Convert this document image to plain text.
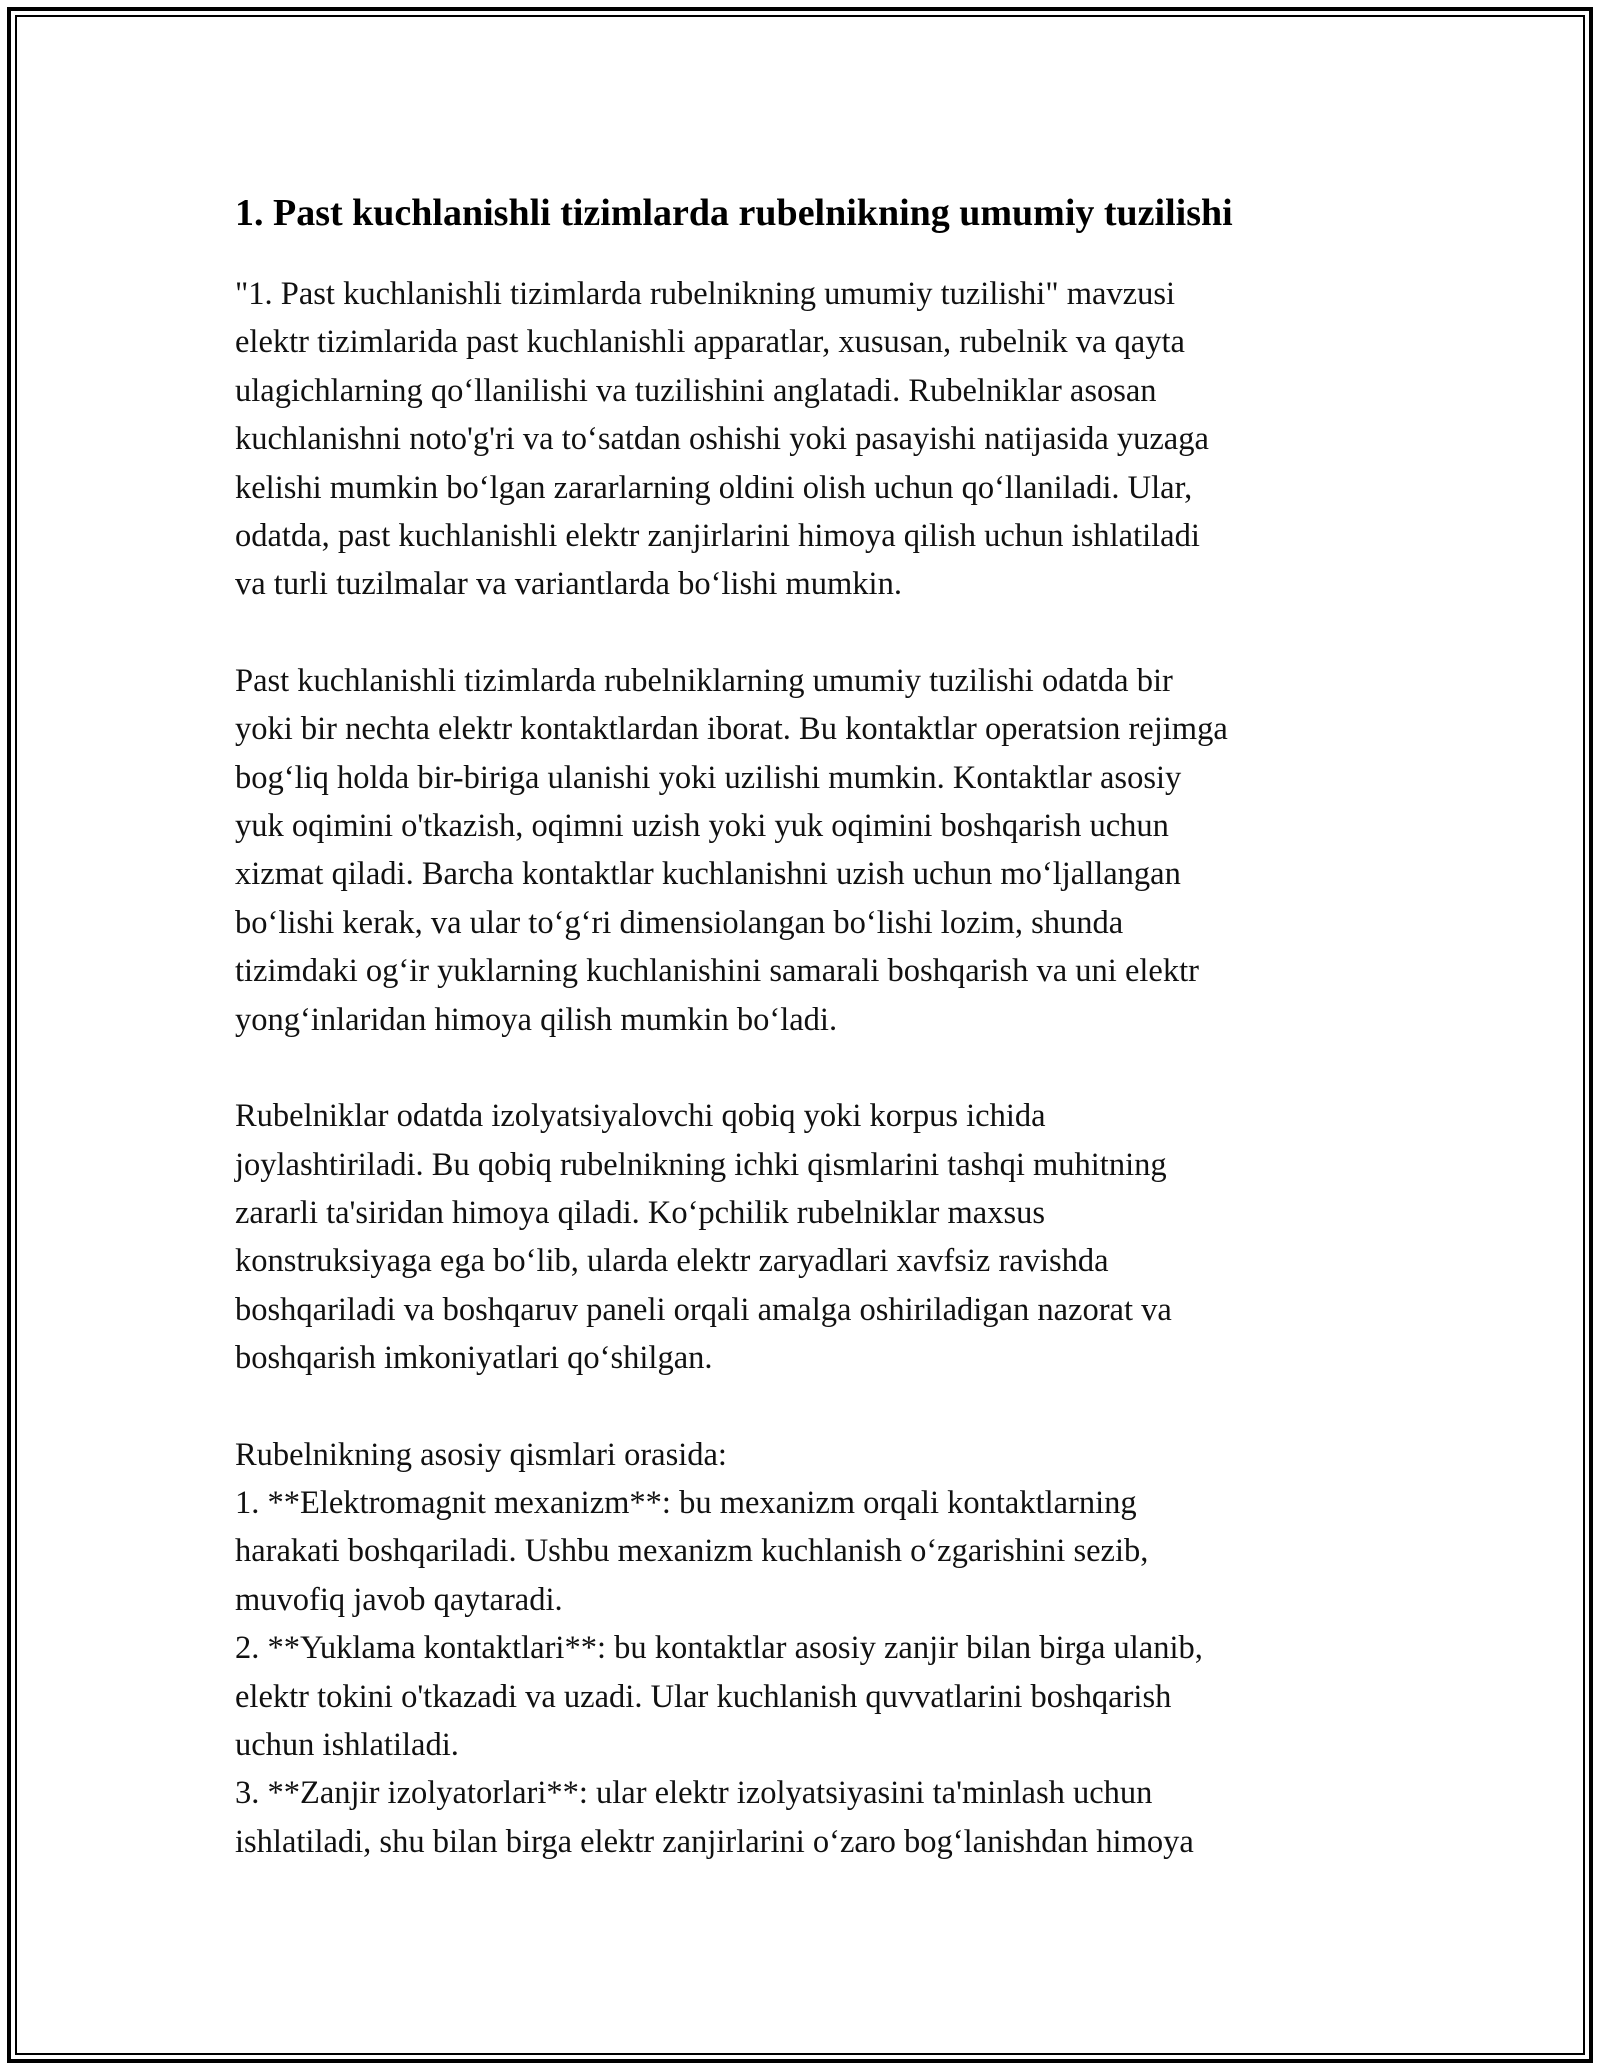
1. Past kuchlanishli tizimlarda rubelnikning umumiy tuzilishi

"1. Past kuchlanishli tizimlarda rubelnikning umumiy tuzilishi" mavzusi
elektr tizimlarida past kuchlanishli apparatlar, xususan, rubelnik va qayta
ulagichlarning qo‘llanilishi va tuzilishini anglatadi. Rubelniklar asosan
kuchlanishni noto'g'ri va to‘satdan oshishi yoki pasayishi natijasida yuzaga
kelishi mumkin bo‘lgan zararlarning oldini olish uchun qo‘llaniladi. Ular,
odatda, past kuchlanishli elektr zanjirlarini himoya qilish uchun ishlatiladi
va turli tuzilmalar va variantlarda bo‘lishi mumkin.

Past kuchlanishli tizimlarda rubelniklarning umumiy tuzilishi odatda bir
yoki bir nechta elektr kontaktlardan iborat. Bu kontaktlar operatsion rejimga
bog‘liq holda bir-biriga ulanishi yoki uzilishi mumkin. Kontaktlar asosiy
yuk oqimini o'tkazish, oqimni uzish yoki yuk oqimini boshqarish uchun
xizmat qiladi. Barcha kontaktlar kuchlanishni uzish uchun mo‘ljallangan
bo‘lishi kerak, va ular to‘g‘ri dimensiolangan bo‘lishi lozim, shunda
tizimdaki og‘ir yuklarning kuchlanishini samarali boshqarish va uni elektr
yong‘inlaridan himoya qilish mumkin bo‘ladi.

Rubelniklar odatda izolyatsiyalovchi qobiq yoki korpus ichida
joylashtiriladi. Bu qobiq rubelnikning ichki qismlarini tashqi muhitning
zararli ta'siridan himoya qiladi. Ko‘pchilik rubelniklar maxsus
konstruksiyaga ega bo‘lib, ularda elektr zaryadlari xavfsiz ravishda
boshqariladi va boshqaruv paneli orqali amalga oshiriladigan nazorat va
boshqarish imkoniyatlari qo‘shilgan.

Rubelnikning asosiy qismlari orasida:
1. **Elektromagnit mexanizm**: bu mexanizm orqali kontaktlarning
harakati boshqariladi. Ushbu mexanizm kuchlanish o‘zgarishini sezib,
muvofiq javob qaytaradi.
2. **Yuklama kontaktlari**: bu kontaktlar asosiy zanjir bilan birga ulanib,
elektr tokini o'tkazadi va uzadi. Ular kuchlanish quvvatlarini boshqarish
uchun ishlatiladi.
3. **Zanjir izolyatorlari**: ular elektr izolyatsiyasini ta'minlash uchun
ishlatiladi, shu bilan birga elektr zanjirlarini o‘zaro bog‘lanishdan himoya
